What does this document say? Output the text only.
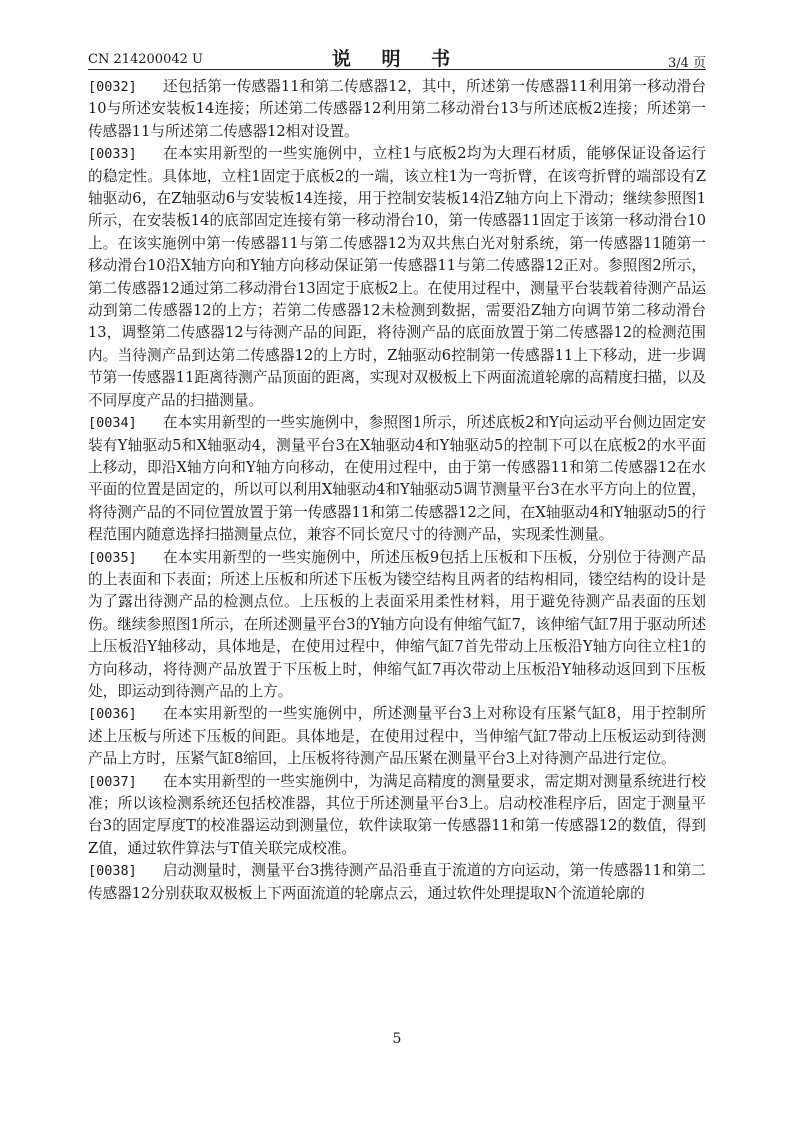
CN 214200042 U	说 明 书	3/4 页

[0032] 还包括第一传感器11和第二传感器12，其中，所述第一传感器11利用第一移动滑台10与所述安装板14连接；所述第二传感器12利用第二移动滑台13与所述底板2连接；所述第一传感器11与所述第二传感器12相对设置。

[0033] 在本实用新型的一些实施例中，立柱1与底板2均为大理石材质，能够保证设备运行的稳定性。具体地，立柱1固定于底板2的一端，该立柱1为一弯折臂，在该弯折臂的端部设有Z轴驱动6，在Z轴驱动6与安装板14连接，用于控制安装板14沿Z轴方向上下滑动；继续参照图1所示，在安装板14的底部固定连接有第一移动滑台10，第一传感器11固定于该第一移动滑台10上。在该实施例中第一传感器11与第二传感器12为双共焦白光对射系统，第一传感器11随第一移动滑台10沿X轴方向和Y轴方向移动保证第一传感器11与第二传感器12正对。参照图2所示，第二传感器12通过第二移动滑台13固定于底板2上。在使用过程中，测量平台装载着待测产品运动到第二传感器12的上方；若第二传感器12未检测到数据，需要沿Z轴方向调节第二移动滑台13，调整第二传感器12与待测产品的间距，将待测产品的底面放置于第二传感器12的检测范围内。当待测产品到达第二传感器12的上方时，Z轴驱动6控制第一传感器11上下移动，进一步调节第一传感器11距离待测产品顶面的距离，实现对双极板上下两面流道轮廓的高精度扫描，以及不同厚度产品的扫描测量。

[0034] 在本实用新型的一些实施例中，参照图1所示，所述底板2和Y向运动平台侧边固定安装有Y轴驱动5和X轴驱动4，测量平台3在X轴驱动4和Y轴驱动5的控制下可以在底板2的水平面上移动，即沿X轴方向和Y轴方向移动，在使用过程中，由于第一传感器11和第二传感器12在水平面的位置是固定的，所以可以利用X轴驱动4和Y轴驱动5调节测量平台3在水平方向上的位置，将待测产品的不同位置放置于第一传感器11和第二传感器12之间，在X轴驱动4和Y轴驱动5的行程范围内随意选择扫描测量点位，兼容不同长宽尺寸的待测产品，实现柔性测量。

[0035] 在本实用新型的一些实施例中，所述压板9包括上压板和下压板，分别位于待测产品的上表面和下表面；所述上压板和所述下压板为镂空结构且两者的结构相同，镂空结构的设计是为了露出待测产品的检测点位。上压板的上表面采用柔性材料，用于避免待测产品表面的压划伤。继续参照图1所示，在所述测量平台3的Y轴方向设有伸缩气缸7，该伸缩气缸7用于驱动所述上压板沿Y轴移动，具体地是，在使用过程中，伸缩气缸7首先带动上压板沿Y轴方向往立柱1的方向移动，将待测产品放置于下压板上时，伸缩气缸7再次带动上压板沿Y轴移动返回到下压板处，即运动到待测产品的上方。

[0036] 在本实用新型的一些实施例中，所述测量平台3上对称设有压紧气缸8，用于控制所述上压板与所述下压板的间距。具体地是，在使用过程中，当伸缩气缸7带动上压板运动到待测产品上方时，压紧气缸8缩回，上压板将待测产品压紧在测量平台3上对待测产品进行定位。

[0037] 在本实用新型的一些实施例中，为满足高精度的测量要求，需定期对测量系统进行校准；所以该检测系统还包括校准器，其位于所述测量平台3上。启动校准程序后，固定于测量平台3的固定厚度T的校准器运动到测量位，软件读取第一传感器11和第一传感器12的数值，得到Z值，通过软件算法与T值关联完成校准。

[0038] 启动测量时，测量平台3携待测产品沿垂直于流道的方向运动，第一传感器11和第二传感器12分别获取双极板上下两面流道的轮廓点云，通过软件处理提取N个流道轮廓的

5
